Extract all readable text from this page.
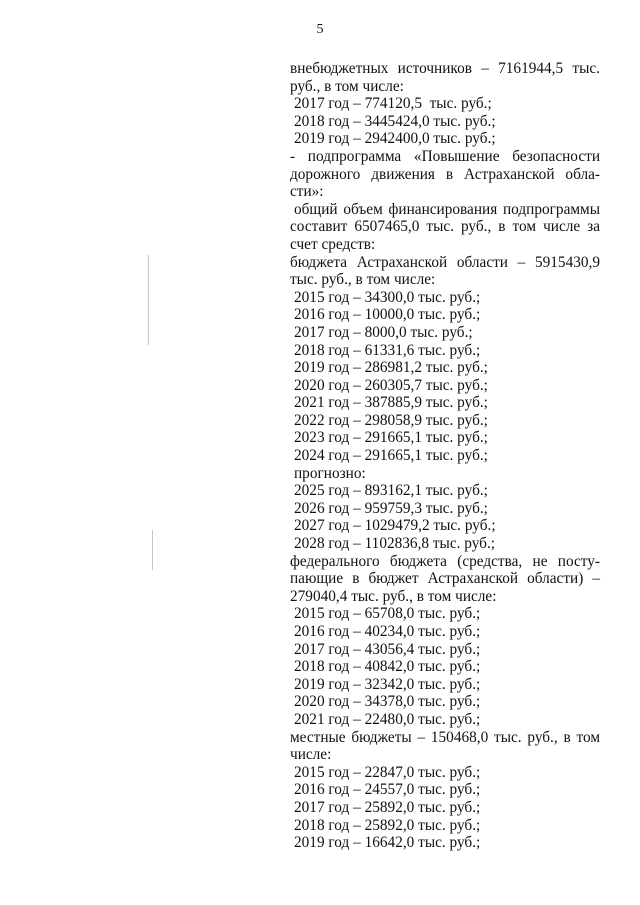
5
внебюджетных источников – 7161944,5 тыс.
руб., в том числе:
2017 год – 774120,5  тыс. руб.;
2018 год – 3445424,0 тыс. руб.;
2019 год – 2942400,0 тыс. руб.;
- подпрограмма «Повышение безопасности
дорожного движения в Астраханской обла-
сти»:
общий объем финансирования подпрограммы
составит 6507465,0 тыс. руб., в том числе за
счет средств:
бюджета Астраханской области – 5915430,9
тыс. руб., в том числе:
2015 год – 34300,0 тыс. руб.;
2016 год – 10000,0 тыс. руб.;
2017 год – 8000,0 тыс. руб.;
2018 год – 61331,6 тыс. руб.;
2019 год – 286981,2 тыс. руб.;
2020 год – 260305,7 тыс. руб.;
2021 год – 387885,9 тыс. руб.;
2022 год – 298058,9 тыс. руб.;
2023 год – 291665,1 тыс. руб.;
2024 год – 291665,1 тыс. руб.;
прогнозно:
2025 год – 893162,1 тыс. руб.;
2026 год – 959759,3 тыс. руб.;
2027 год – 1029479,2 тыс. руб.;
2028 год – 1102836,8 тыс. руб.;
федерального бюджета (средства, не посту-
пающие в бюджет Астраханской области) –
279040,4 тыс. руб., в том числе:
2015 год – 65708,0 тыс. руб.;
2016 год – 40234,0 тыс. руб.;
2017 год – 43056,4 тыс. руб.;
2018 год – 40842,0 тыс. руб.;
2019 год – 32342,0 тыс. руб.;
2020 год – 34378,0 тыс. руб.;
2021 год – 22480,0 тыс. руб.;
местные бюджеты – 150468,0 тыс. руб., в том
числе:
2015 год – 22847,0 тыс. руб.;
2016 год – 24557,0 тыс. руб.;
2017 год – 25892,0 тыс. руб.;
2018 год – 25892,0 тыс. руб.;
2019 год – 16642,0 тыс. руб.;
